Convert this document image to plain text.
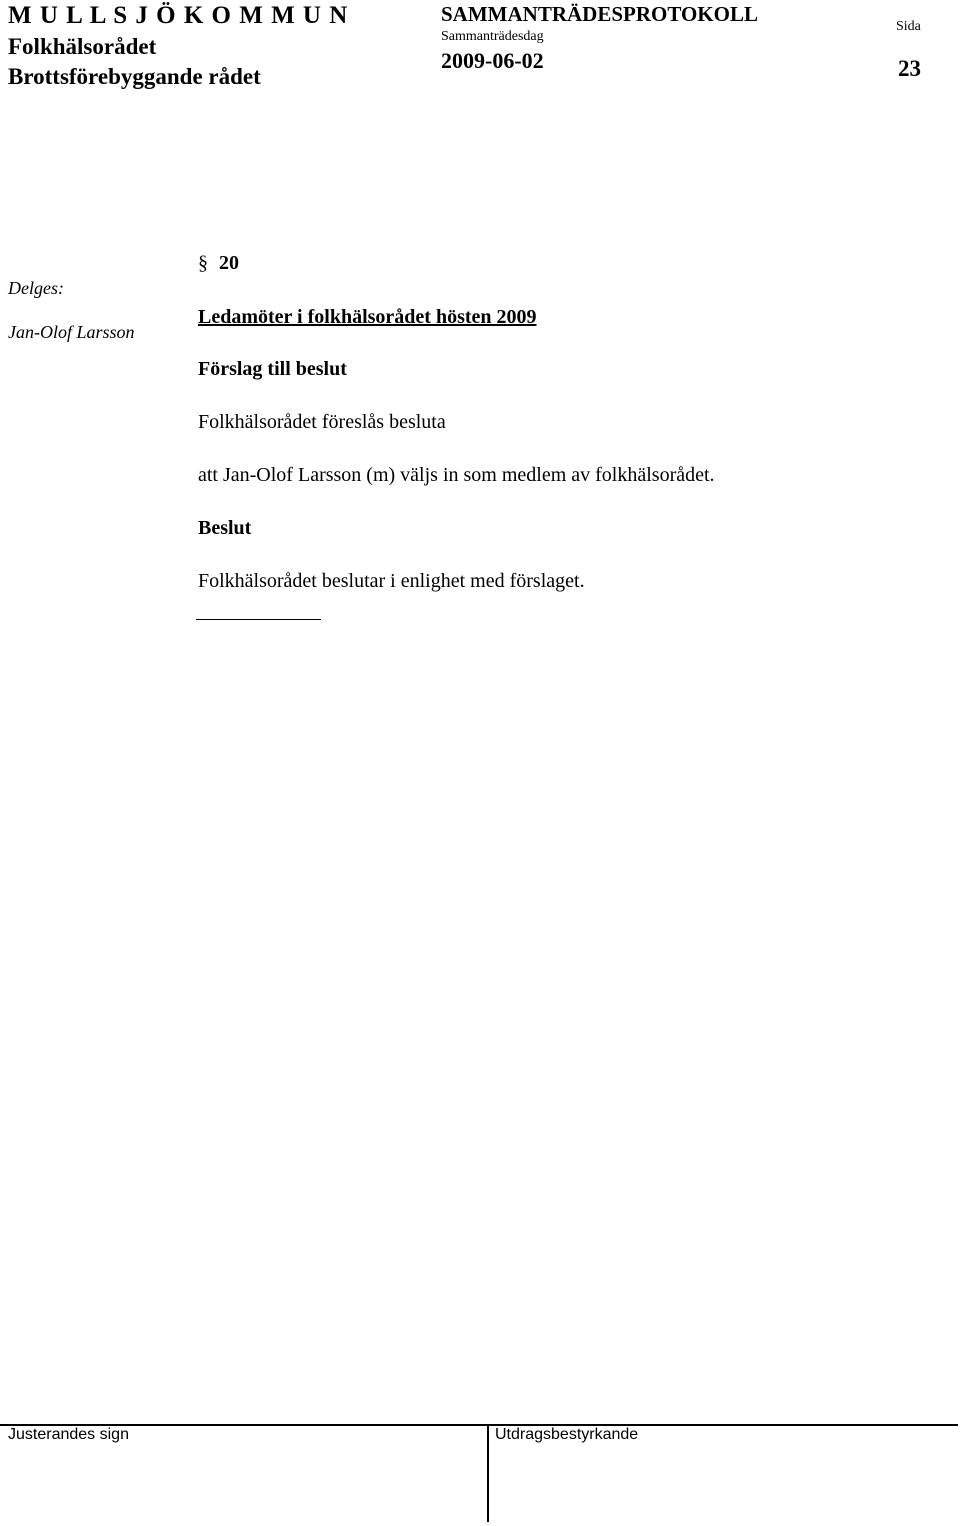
M U L L S J Ö K O M M U N
Folkhälsorådet
Brottsförebyggande rådet
SAMMANTRÄDESPROTOKOLL
Sammanträdesdag
2009-06-02
Sida
23
Delges:
Jan-Olof Larsson
§ 20
Ledamöter i folkhälsorådet hösten 2009
Förslag till beslut
Folkhälsorådet föreslås besluta
att Jan-Olof Larsson (m) väljs in som medlem av folkhälsorådet.
Beslut
Folkhälsorådet beslutar i enlighet med förslaget.
Justerandes sign	Utdragsbestyrkande
